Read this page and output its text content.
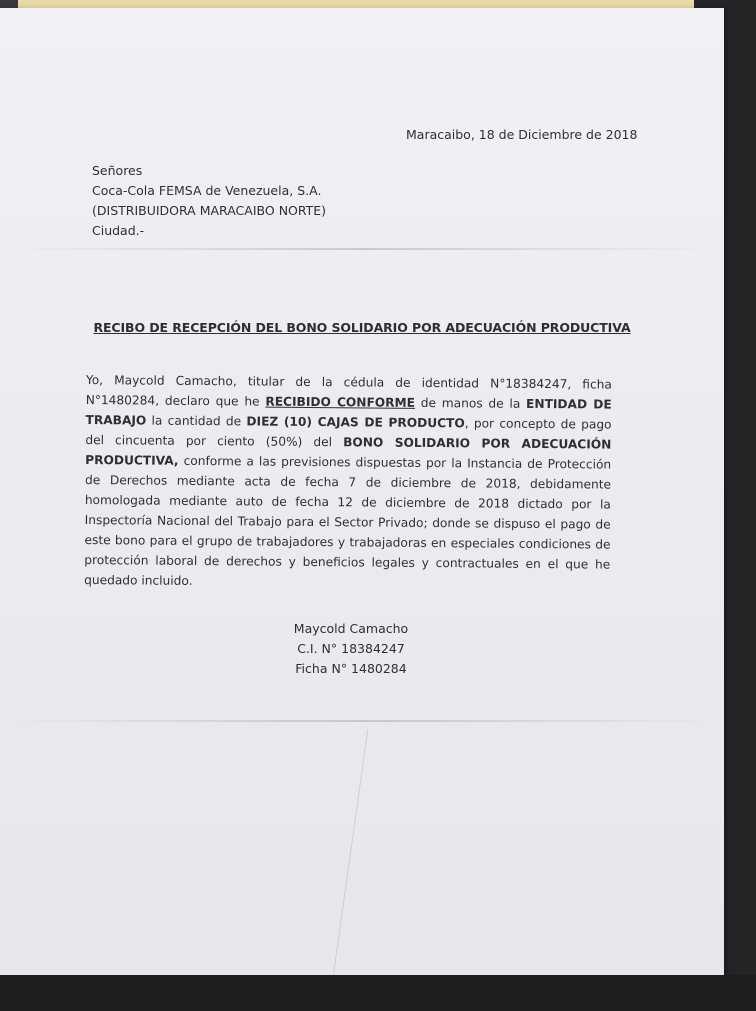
Maracaibo, 18 de Diciembre de 2018
Señores
Coca-Cola FEMSA de Venezuela, S.A.
(DISTRIBUIDORA MARACAIBO NORTE)
Ciudad.-
RECIBO DE RECEPCIÓN DEL BONO SOLIDARIO POR ADECUACIÓN PRODUCTIVA
Yo, Maycold Camacho, titular de la cédula de identidad N°18384247, ficha N°1480284, declaro que he RECIBIDO CONFORME de manos de la ENTIDAD DE TRABAJO la cantidad de DIEZ (10) CAJAS DE PRODUCTO, por concepto de pago del cincuenta por ciento (50%) del BONO SOLIDARIO POR ADECUACIÓN PRODUCTIVA, conforme a las previsiones dispuestas por la Instancia de Protección de Derechos mediante acta de fecha 7 de diciembre de 2018, debidamente homologada mediante auto de fecha 12 de diciembre de 2018 dictado por la Inspectoría Nacional del Trabajo para el Sector Privado; donde se dispuso el pago de este bono para el grupo de trabajadores y trabajadoras en especiales condiciones de protección laboral de derechos y beneficios legales y contractuales en el que he quedado incluido.
Maycold Camacho
C.I. N° 18384247
Ficha N° 1480284
